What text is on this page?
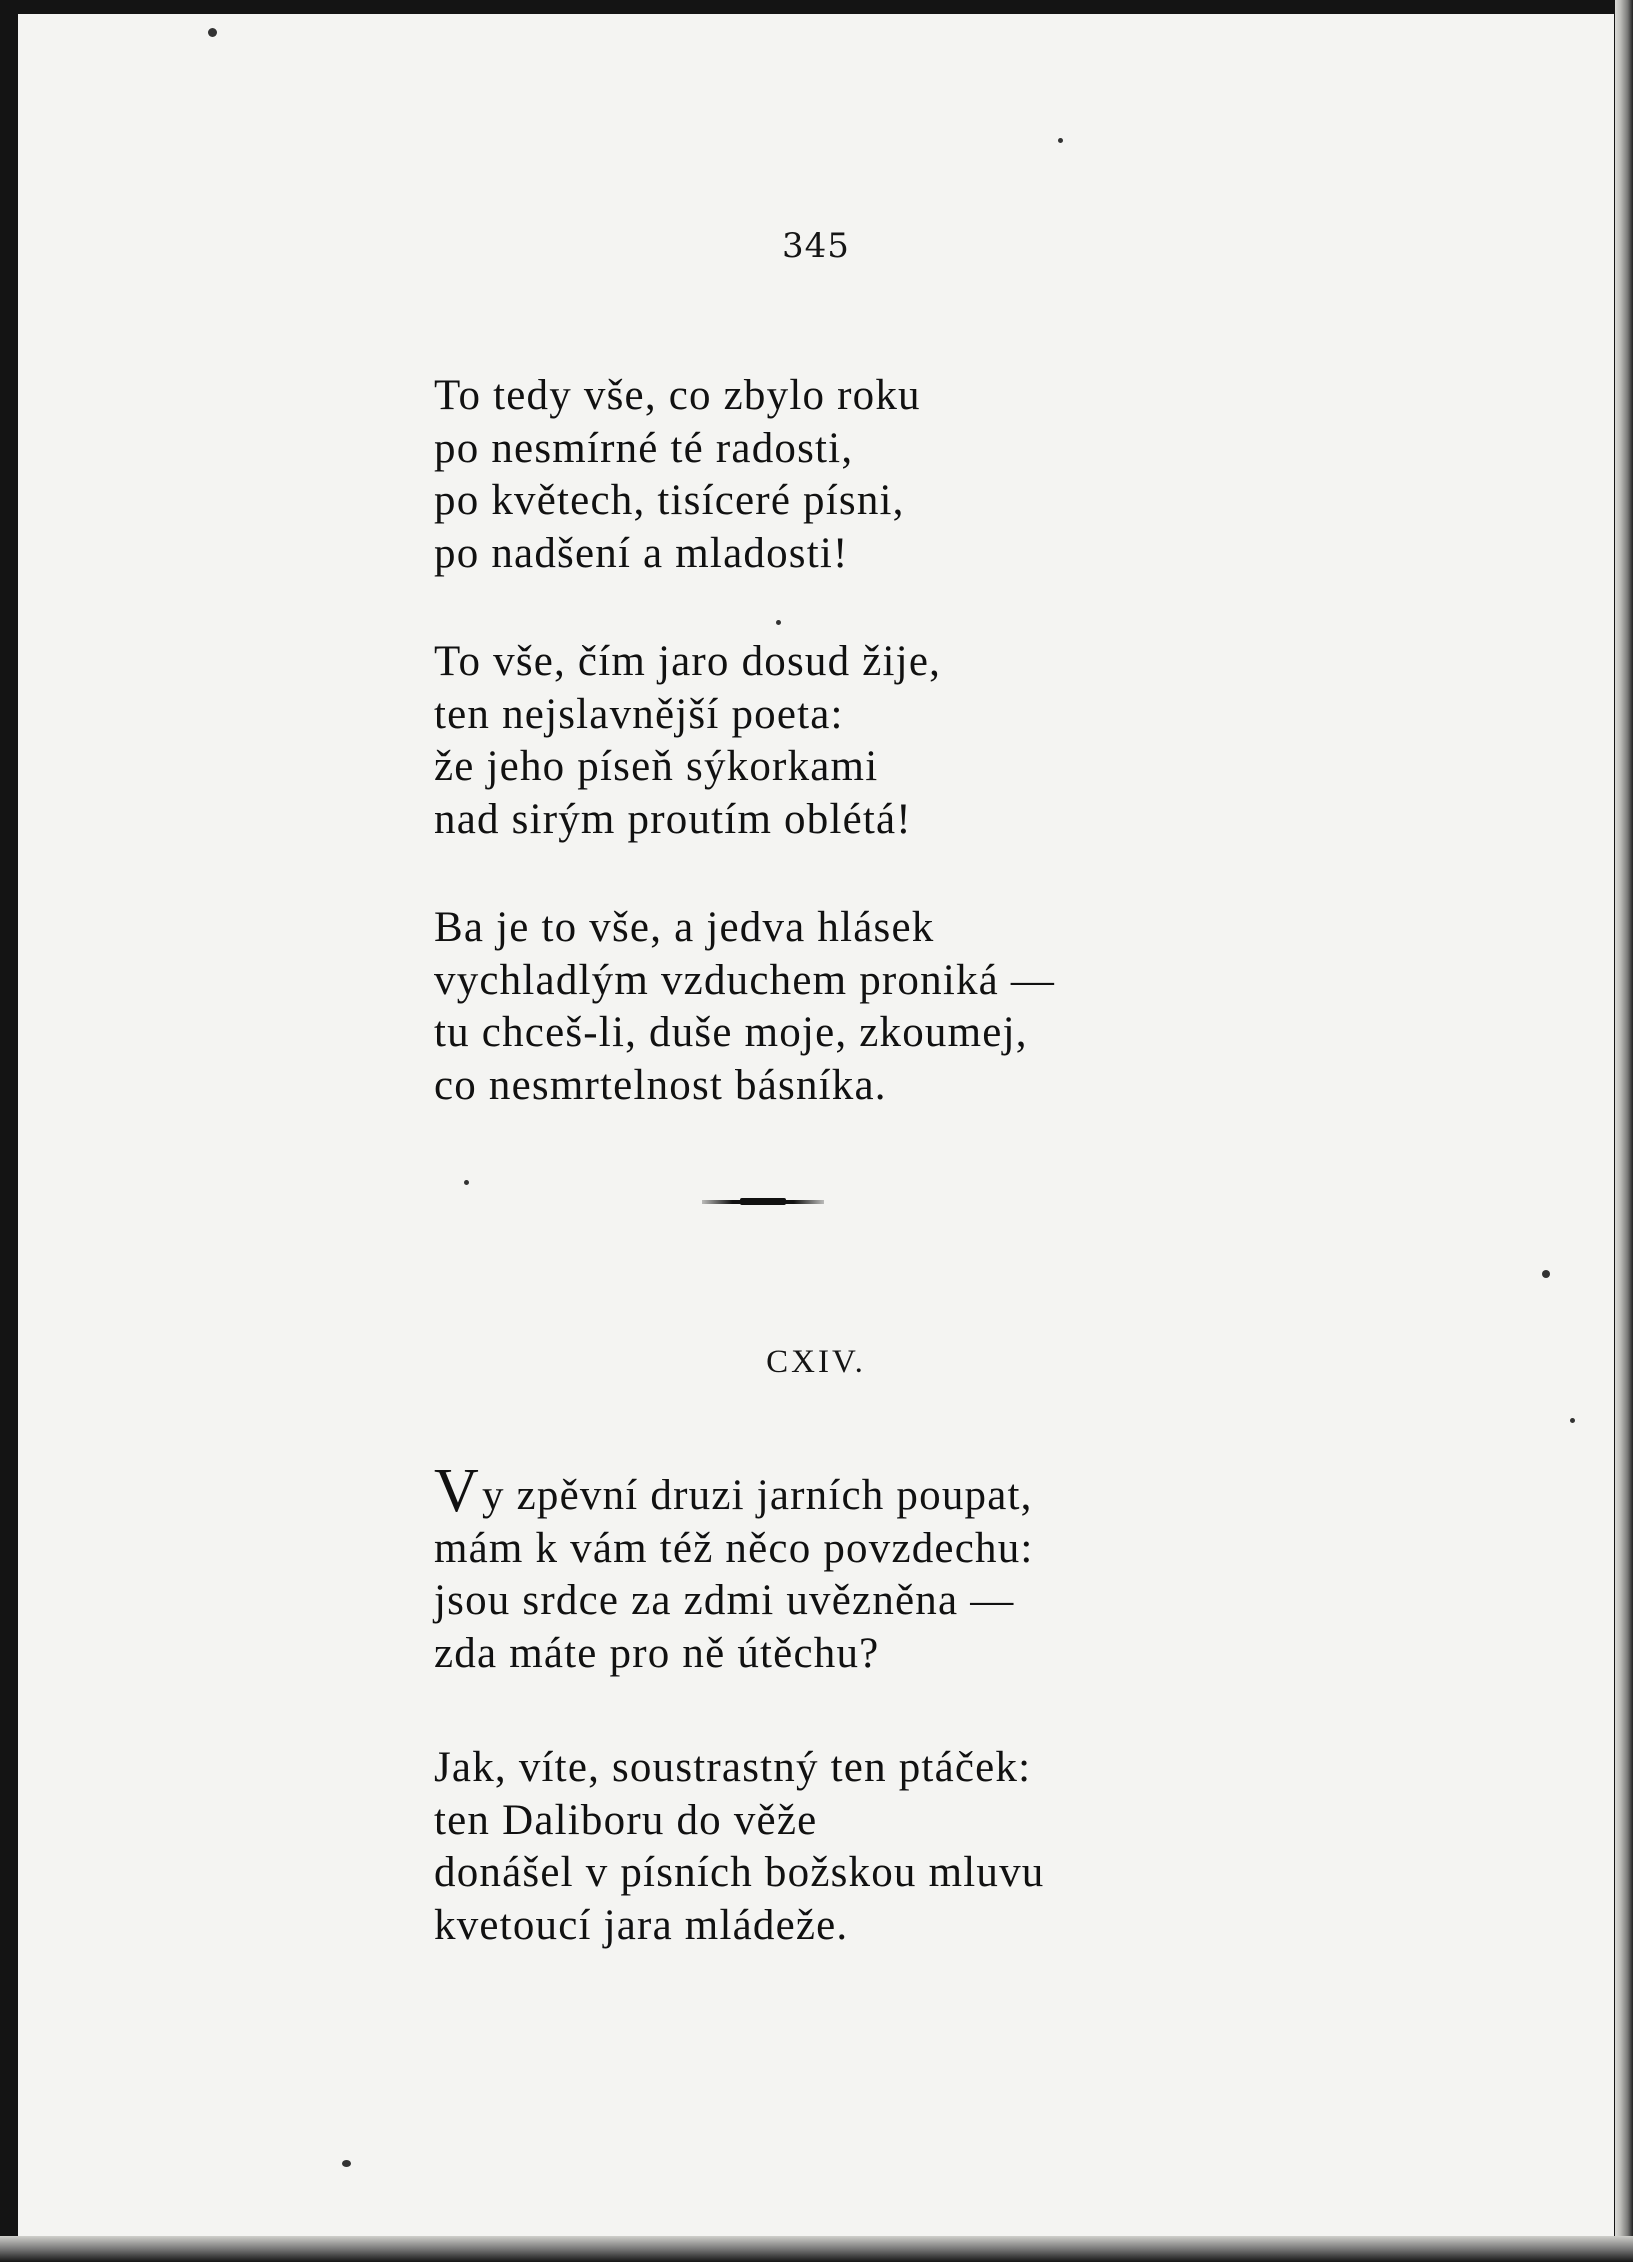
345
To tedy vše, co zbylo roku
po nesmírné té radosti,
po květech, tisíceré písni,
po nadšení a mladosti!
To vše, čím jaro dosud žije,
ten nejslavnější poeta:
že jeho píseň sýkorkami
nad sirým proutím oblétá!
Ba je to vše, a jedva hlásek
vychladlým vzduchem proniká —
tu chceš-li, duše moje, zkoumej,
co nesmrtelnost básníka.
CXIV.
Vy zpěvní druzi jarních poupat,
mám k vám též něco povzdechu:
jsou srdce za zdmi uvězněna —
zda máte pro ně útěchu?
Jak, víte, soustrastný ten ptáček:
ten Daliboru do věže
donášel v písních božskou mluvu
kvetoucí jara mládeže.
